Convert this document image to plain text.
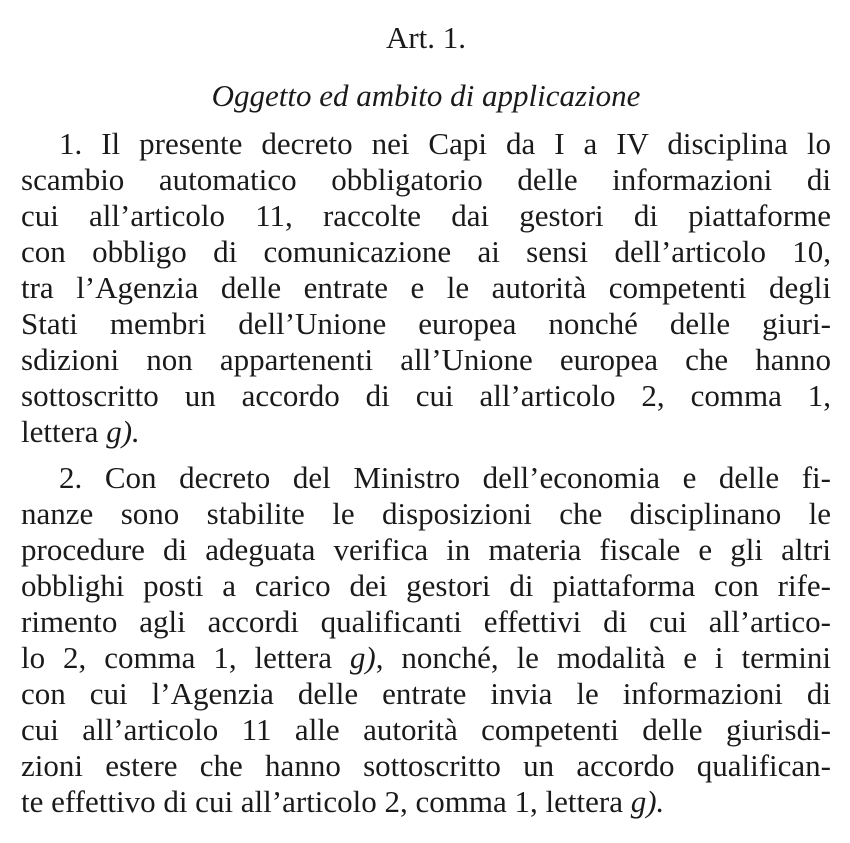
Art. 1.
Oggetto ed ambito di applicazione
1. Il presente decreto nei Capi da I a IV disciplina lo
scambio automatico obbligatorio delle informazioni di
cui all’articolo 11, raccolte dai gestori di piattaforme
con obbligo di comunicazione ai sensi dell’articolo 10,
tra l’Agenzia delle entrate e le autorità competenti degli
Stati membri dell’Unione europea nonché delle giuri-
sdizioni non appartenenti all’Unione europea che hanno
sottoscritto un accordo di cui all’articolo 2, comma 1,
lettera g).
2. Con decreto del Ministro dell’economia e delle fi-
nanze sono stabilite le disposizioni che disciplinano le
procedure di adeguata verifica in materia fiscale e gli altri
obblighi posti a carico dei gestori di piattaforma con rife-
rimento agli accordi qualificanti effettivi di cui all’artico-
lo 2, comma 1, lettera g), nonché, le modalità e i termini
con cui l’Agenzia delle entrate invia le informazioni di
cui all’articolo 11 alle autorità competenti delle giurisdi-
zioni estere che hanno sottoscritto un accordo qualifican-
te effettivo di cui all’articolo 2, comma 1, lettera g).
